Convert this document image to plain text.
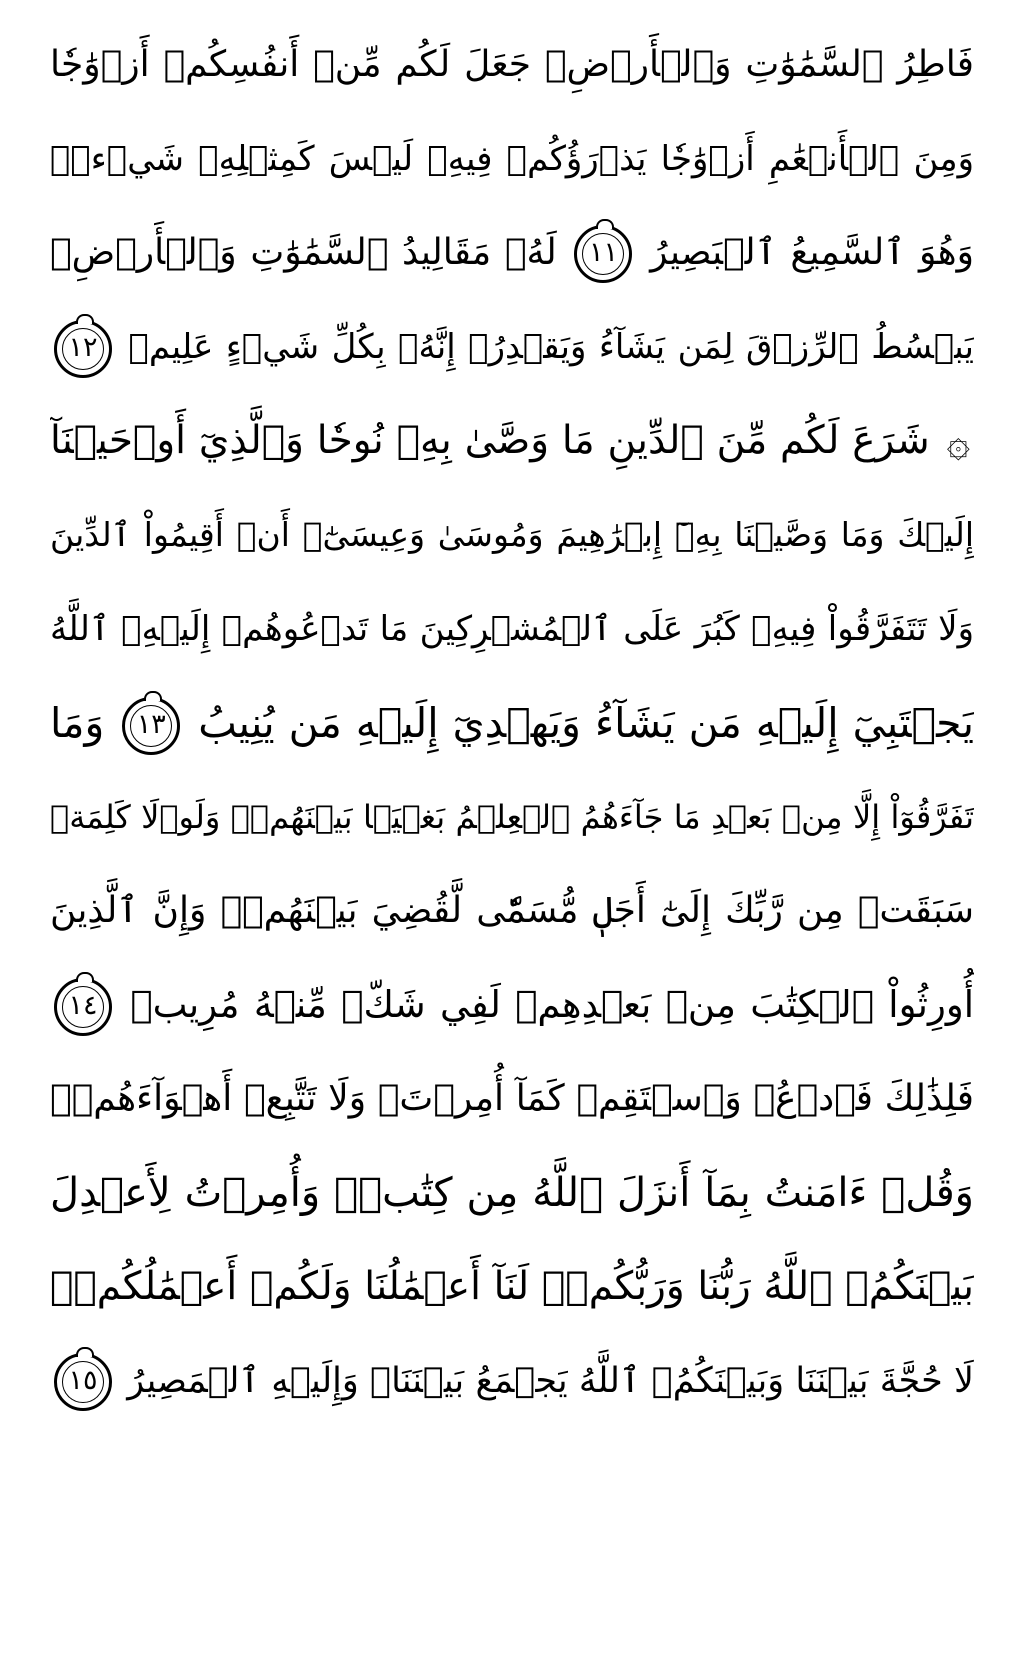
فَاطِرُ ٱلسَّمَٰوَٰتِ وَٱلۡأَرۡضِۚ جَعَلَ لَكُم مِّنۡ أَنفُسِكُمۡ أَزۡوَٰجٗا
وَمِنَ ٱلۡأَنۡعَٰمِ أَزۡوَٰجٗا يَذۡرَؤُكُمۡ فِيهِۚ لَيۡسَ كَمِثۡلِهِۦ شَيۡءٞۖ
وَهُوَ ٱلسَّمِيعُ ٱلۡبَصِيرُ ١١ لَهُۥ مَقَالِيدُ ٱلسَّمَٰوَٰتِ وَٱلۡأَرۡضِۖ
يَبۡسُطُ ٱلرِّزۡقَ لِمَن يَشَآءُ وَيَقۡدِرُۚ إِنَّهُۥ بِكُلِّ شَيۡءٍ عَلِيمٞ ١٢
۞ شَرَعَ لَكُم مِّنَ ٱلدِّينِ مَا وَصَّىٰ بِهِۦ نُوحٗا وَٱلَّذِيٓ أَوۡحَيۡنَآ
إِلَيۡكَ وَمَا وَصَّيۡنَا بِهِۦٓ إِبۡرَٰهِيمَ وَمُوسَىٰ وَعِيسَىٰٓۖ أَنۡ أَقِيمُواْ ٱلدِّينَ
وَلَا تَتَفَرَّقُواْ فِيهِۚ كَبُرَ عَلَى ٱلۡمُشۡرِكِينَ مَا تَدۡعُوهُمۡ إِلَيۡهِۚ ٱللَّهُ
يَجۡتَبِيٓ إِلَيۡهِ مَن يَشَآءُ وَيَهۡدِيٓ إِلَيۡهِ مَن يُنِيبُ ١٣ وَمَا
تَفَرَّقُوٓاْ إِلَّا مِنۢ بَعۡدِ مَا جَآءَهُمُ ٱلۡعِلۡمُ بَغۡيَۢا بَيۡنَهُمۡۚ وَلَوۡلَا كَلِمَةٞ
سَبَقَتۡ مِن رَّبِّكَ إِلَىٰٓ أَجَلٖ مُّسَمّٗى لَّقُضِيَ بَيۡنَهُمۡۚ وَإِنَّ ٱلَّذِينَ
أُورِثُواْ ٱلۡكِتَٰبَ مِنۢ بَعۡدِهِمۡ لَفِي شَكّٖ مِّنۡهُ مُرِيبٖ ١٤
فَلِذَٰلِكَ فَٱدۡعُۖ وَٱسۡتَقِمۡ كَمَآ أُمِرۡتَۖ وَلَا تَتَّبِعۡ أَهۡوَآءَهُمۡۖ
وَقُلۡ ءَامَنتُ بِمَآ أَنزَلَ ٱللَّهُ مِن كِتَٰبٖۖ وَأُمِرۡتُ لِأَعۡدِلَ
بَيۡنَكُمُۖ ٱللَّهُ رَبُّنَا وَرَبُّكُمۡۖ لَنَآ أَعۡمَٰلُنَا وَلَكُمۡ أَعۡمَٰلُكُمۡۖ
لَا حُجَّةَ بَيۡنَنَا وَبَيۡنَكُمُۖ ٱللَّهُ يَجۡمَعُ بَيۡنَنَاۖ وَإِلَيۡهِ ٱلۡمَصِيرُ ١٥
